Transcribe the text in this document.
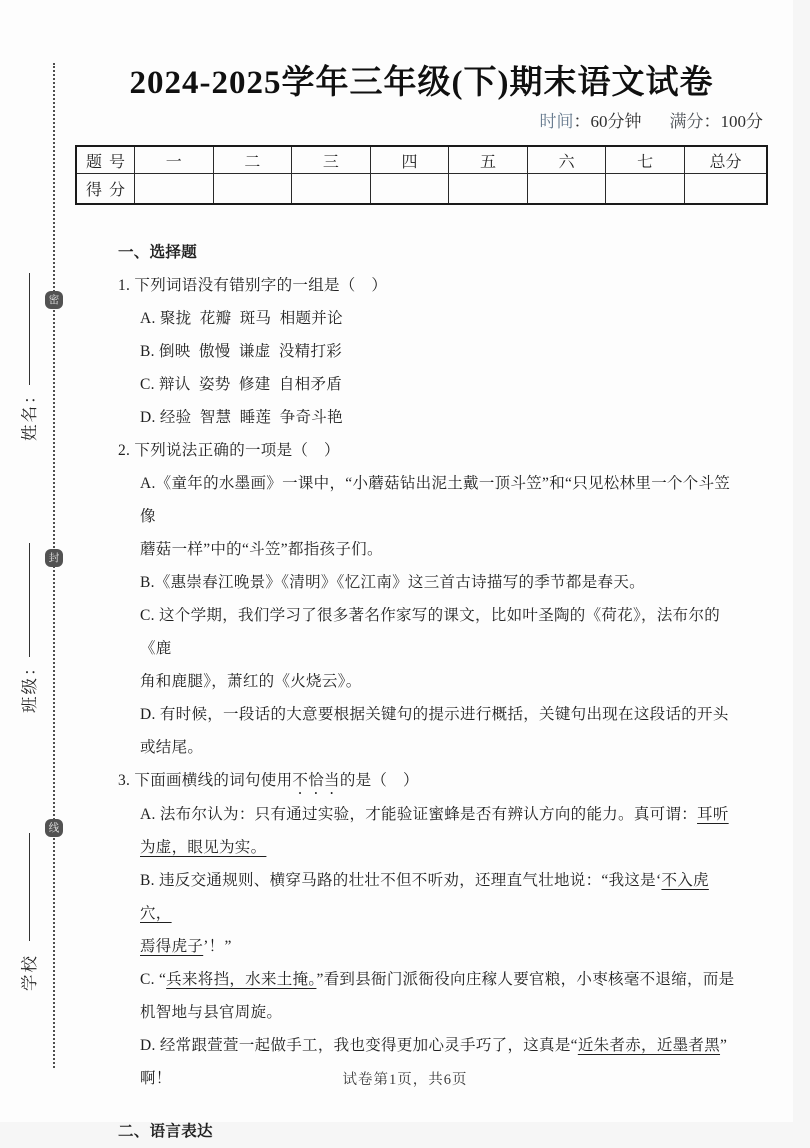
密
封
线
姓名：
班级：
学校
2024-2025学年三年级(下)期末语文试卷
时间：60分钟 满分：100分
题号	一	二	三	四	五	六	七	总分
得分								
一、选择题
1. 下列词语没有错别字的一组是（　）
A. 聚拢  花瓣  斑马  相题并论
B. 倒映  傲慢  谦虚  没精打彩
C. 辩认  姿势  修建  自相矛盾
D. 经验  智慧  睡莲  争奇斗艳
2. 下列说法正确的一项是（　）
A.《童年的水墨画》一课中，“小蘑菇钻出泥土戴一顶斗笠”和“只见松林里一个个斗笠像
蘑菇一样”中的“斗笠”都指孩子们。
B.《惠崇春江晚景》《清明》《忆江南》这三首古诗描写的季节都是春天。
C. 这个学期，我们学习了很多著名作家写的课文，比如叶圣陶的《荷花》，法布尔的《鹿
角和鹿腿》，萧红的《火烧云》。
D. 有时候，一段话的大意要根据关键句的提示进行概括，关键句出现在这段话的开头
或结尾。
3. 下面画横线的词句使用不恰当的是（　）
A. 法布尔认为：只有通过实验，才能验证蜜蜂是否有辨认方向的能力。真可谓：耳听
为虚，眼见为实。
B. 违反交通规则、横穿马路的壮壮不但不听劝，还理直气壮地说：“我这是‘不入虎穴，
焉得虎子’！”
C. “兵来将挡，水来土掩。”看到县衙门派衙役向庄稼人要官粮，小枣核毫不退缩，而是
机智地与县官周旋。
D. 经常跟萱萱一起做手工，我也变得更加心灵手巧了，这真是“近朱者赤，近墨者黑”
啊！
二、语言表达
试卷第1页，共6页
